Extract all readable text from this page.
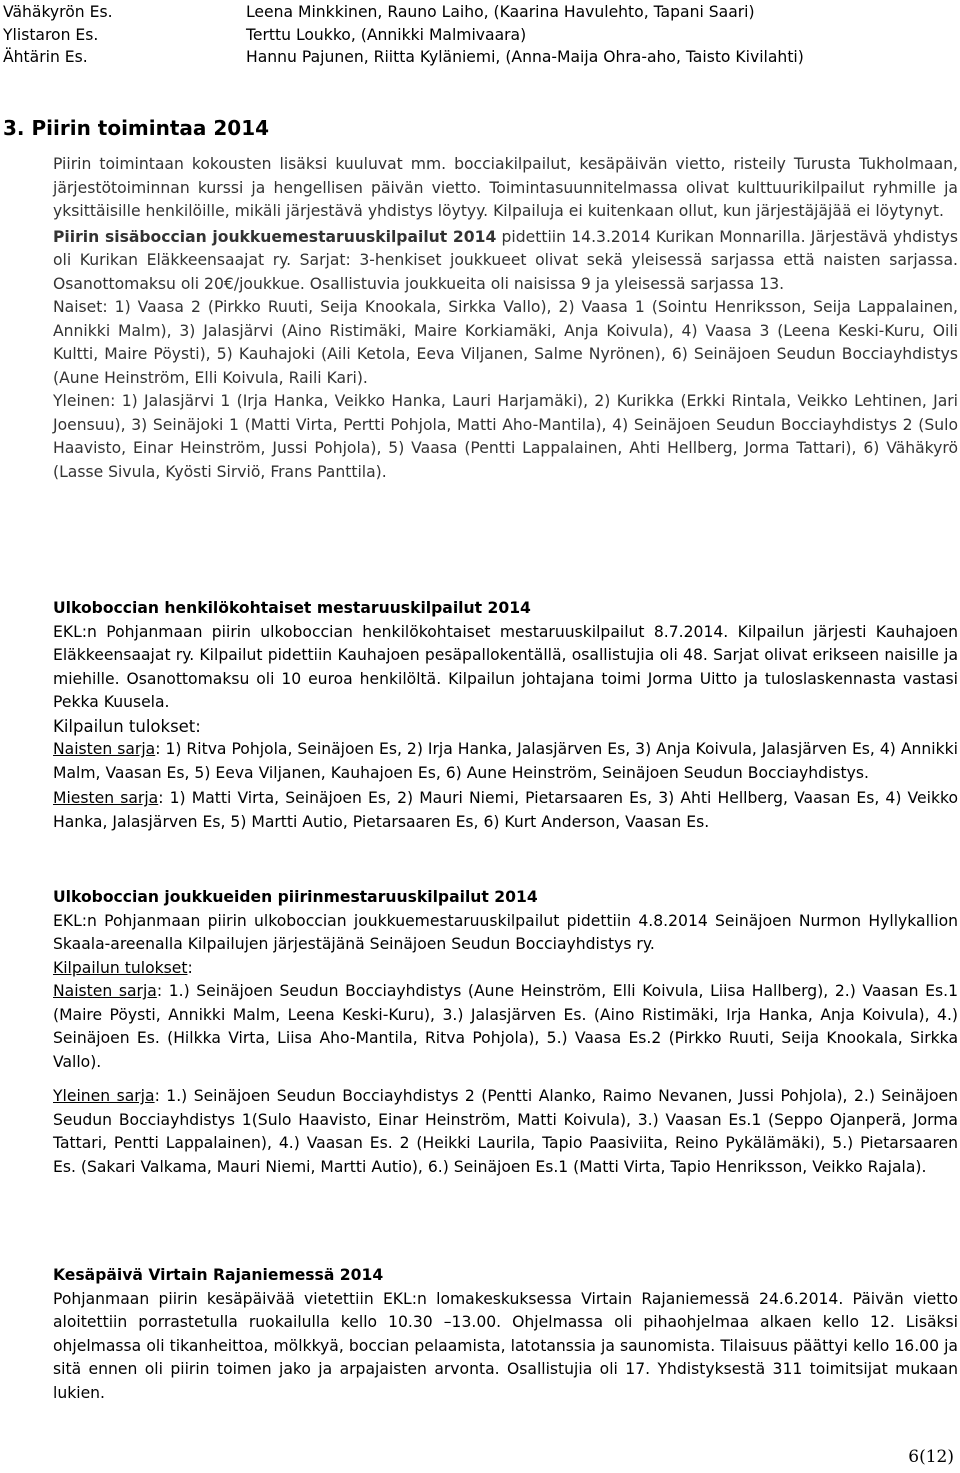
Vähäkyrön Es.	Leena Minkkinen, Rauno Laiho, (Kaarina Havulehto, Tapani Saari)
Ylistaron Es.	Terttu Loukko, (Annikki Malmivaara)
Ähtärin Es.	Hannu Pajunen, Riitta Kyläniemi, (Anna-Maija Ohra-aho, Taisto Kivilahti)
3. Piirin toimintaa 2014

Piirin toimintaan kokousten lisäksi kuuluvat mm. bocciakilpailut, kesäpäivän vietto, risteily Turusta Tukholmaan, järjestötoiminnan kurssi ja hengellisen päivän vietto. Toimintasuunnitelmassa olivat kulttuurikilpailut ryhmille ja yksittäisille henkilöille, mikäli järjestävä yhdistys löytyy. Kilpailuja ei kuitenkaan ollut, kun järjestäjäjää ei löytynyt.

Piirin sisäboccian joukkuemestaruuskilpailut 2014 pidettiin 14.3.2014 Kurikan Monnarilla. Järjestävä yhdistys oli Kurikan Eläkkeensaajat ry. Sarjat: 3-henkiset joukkueet olivat sekä yleisessä sarjassa että naisten sarjassa. Osanottomaksu oli 20€/joukkue. Osallistuvia joukkueita oli naisissa 9 ja yleisessä sarjassa 13.

Naiset: 1) Vaasa 2 (Pirkko Ruuti, Seija Knookala, Sirkka Vallo), 2) Vaasa 1 (Sointu Henriksson, Seija Lappalainen, Annikki Malm), 3) Jalasjärvi (Aino Ristimäki, Maire Korkiamäki, Anja Koivula), 4) Vaasa 3 (Leena Keski-Kuru, Oili Kultti, Maire Pöysti), 5) Kauhajoki (Aili Ketola, Eeva Viljanen, Salme Nyrönen), 6) Seinäjoen Seudun Bocciayhdistys (Aune Heinström, Elli Koivula, Raili Kari).

Yleinen: 1) Jalasjärvi 1 (Irja Hanka, Veikko Hanka, Lauri Harjamäki), 2) Kurikka (Erkki Rintala, Veikko Lehtinen, Jari Joensuu), 3) Seinäjoki 1 (Matti Virta, Pertti Pohjola, Matti Aho-Mantila), 4) Seinäjoen Seudun Bocciayhdistys 2 (Sulo Haavisto, Einar Heinström, Jussi Pohjola), 5) Vaasa (Pentti Lappalainen, Ahti Hellberg, Jorma Tattari), 6) Vähäkyrö (Lasse Sivula, Kyösti Sirviö, Frans Panttila).

Ulkoboccian henkilökohtaiset mestaruuskilpailut 2014

EKL:n Pohjanmaan piirin ulkoboccian henkilökohtaiset mestaruuskilpailut 8.7.2014. Kilpailun järjesti Kauhajoen Eläkkeensaajat ry. Kilpailut pidettiin Kauhajoen pesäpallokentällä, osallistujia oli 48. Sarjat olivat erikseen naisille ja miehille. Osanottomaksu oli 10 euroa henkilöltä. Kilpailun johtajana toimi Jorma Uitto ja tuloslaskennasta vastasi Pekka Kuusela.

Kilpailun tulokset:

Naisten sarja: 1) Ritva Pohjola, Seinäjoen Es, 2) Irja Hanka, Jalasjärven Es, 3) Anja Koivula, Jalasjärven Es, 4) Annikki Malm, Vaasan Es, 5) Eeva Viljanen, Kauhajoen Es, 6) Aune Heinström, Seinäjoen Seudun Bocciayhdistys.

Miesten sarja: 1) Matti Virta, Seinäjoen Es, 2) Mauri Niemi, Pietarsaaren Es, 3) Ahti Hellberg, Vaasan Es, 4) Veikko Hanka, Jalasjärven Es, 5) Martti Autio, Pietarsaaren Es, 6) Kurt Anderson, Vaasan Es.

Ulkoboccian joukkueiden piirinmestaruuskilpailut 2014

EKL:n Pohjanmaan piirin ulkoboccian joukkuemestaruuskilpailut pidettiin 4.8.2014 Seinäjoen Nurmon Hyllykallion Skaala-areenalla Kilpailujen järjestäjänä Seinäjoen Seudun Bocciayhdistys ry.

Kilpailun tulokset:

Naisten sarja: 1.) Seinäjoen Seudun Bocciayhdistys (Aune Heinström, Elli Koivula, Liisa Hallberg), 2.) Vaasan Es.1 (Maire Pöysti, Annikki Malm, Leena Keski-Kuru), 3.) Jalasjärven Es. (Aino Ristimäki, Irja Hanka, Anja Koivula), 4.) Seinäjoen Es. (Hilkka Virta, Liisa Aho-Mantila, Ritva Pohjola), 5.) Vaasa Es.2 (Pirkko Ruuti, Seija Knookala, Sirkka Vallo).

Yleinen sarja: 1.) Seinäjoen Seudun Bocciayhdistys 2 (Pentti Alanko, Raimo Nevanen, Jussi Pohjola), 2.) Seinäjoen Seudun Bocciayhdistys 1(Sulo Haavisto, Einar Heinström, Matti Koivula), 3.) Vaasan Es.1 (Seppo Ojanperä, Jorma Tattari, Pentti Lappalainen), 4.) Vaasan Es. 2 (Heikki Laurila, Tapio Paasiviita, Reino Pykälämäki), 5.) Pietarsaaren Es. (Sakari Valkama, Mauri Niemi, Martti Autio), 6.) Seinäjoen Es.1 (Matti Virta, Tapio Henriksson, Veikko Rajala).

Kesäpäivä Virtain Rajaniemessä 2014

Pohjanmaan piirin kesäpäivää vietettiin EKL:n lomakeskuksessa Virtain Rajaniemessä 24.6.2014. Päivän vietto aloitettiin porrastetulla ruokailulla kello 10.30 –13.00. Ohjelmassa oli pihaohjelmaa alkaen kello 12. Lisäksi ohjelmassa oli tikanheittoa, mölkkyä, boccian pelaamista, latotanssia ja saunomista. Tilaisuus päättyi kello 16.00 ja sitä ennen oli piirin toimen jako ja arpajaisten arvonta. Osallistujia oli 17. Yhdistyksestä 311 toimitsijat mukaan lukien.

6(12)
